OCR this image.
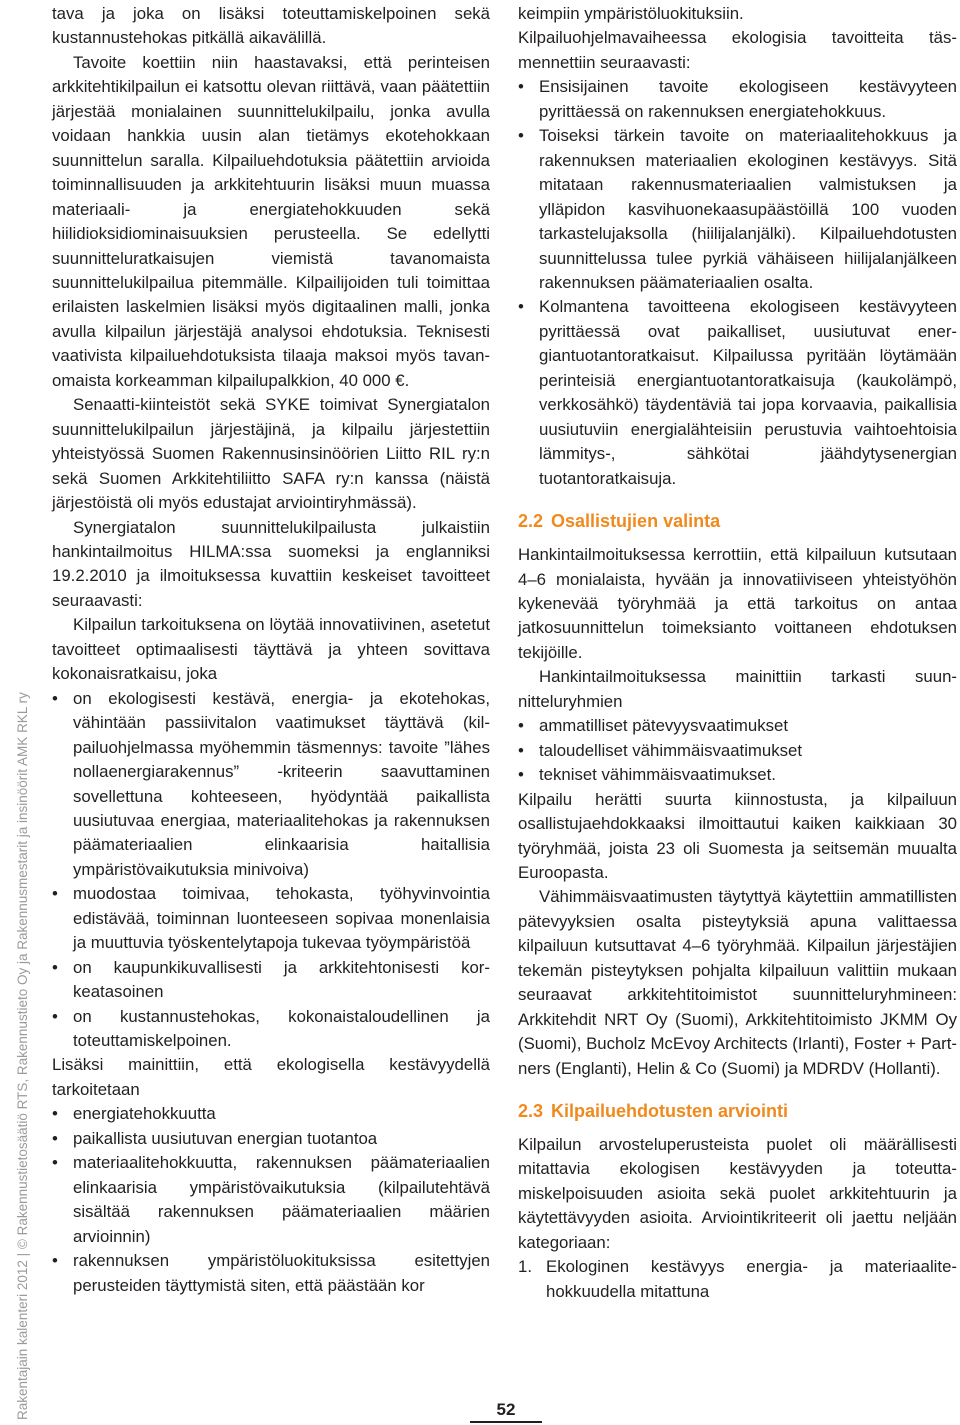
Rakentajain kalenteri 2012 | © Rakennustietosäätiö RTS, Rakennustieto Oy ja Rakennusmestarit ja insinöörit AMK RKL ry

tava ja joka on lisäksi toteuttamiskelpoinen sekä kustannustehokas pitkällä aikavälillä.

Tavoite koettiin niin haastavaksi, että perinteisen arkkitehtikilpailun ei katsottu olevan riittävä, vaan päätettiin järjestää monialainen suunnittelukilpailu, jonka avulla voidaan hankkia uusin alan tietämys ekotehokkaan suunnittelun saralla. Kilpailuehdotuksia päätettiin arvioida toiminnallisuuden ja arkkitehtuurin lisäksi muun muassa materiaali- ja energiatehokkuuden sekä hiilidioksidiominaisuuksien perusteella. Se edellytti suunnitteluratkaisujen viemistä tavanomaista suunnittelukilpailua pitemmälle. Kilpailijoiden tuli toimittaa erilaisten laskelmien lisäksi myös digitaalinen malli, jonka avulla kilpailun järjestäjä analysoi ehdotuksia. Teknisesti vaativista kilpailuehdotuksista tilaaja maksoi myös tavanomaista korkeamman kilpailupalkkion, 40 000 €.

Senaatti-kiinteistöt sekä SYKE toimivat Synergiatalon suunnittelukilpailun järjestäjinä, ja kilpailu järjestettiin yhteistyössä Suomen Rakennusinsinöörien Liitto RIL ry:n sekä Suomen Arkkitehtiliitto SAFA ry:n kanssa (näistä järjestöistä oli myös edustajat arviointiryhmässä).

Synergiatalon suunnittelukilpailusta julkaistiin hankintailmoitus HILMA:ssa suomeksi ja englanniksi 19.2.2010 ja ilmoituksessa kuvattiin keskeiset tavoitteet seuraavasti:

Kilpailun tarkoituksena on löytää innovatiivinen, asetetut tavoitteet optimaalisesti täyttävä ja yhteen sovittava kokonaisratkaisu, joka

• on ekologisesti kestävä, energia- ja ekotehokas, vähintään passiivitalon vaatimukset täyttävä (kilpailuohjelmassa myöhemmin täsmennys: tavoite ”lähes nollaenergiarakennus” -kriteerin saavuttaminen sovellettuna kohteeseen, hyödyntää paikallista uusiutuvaa energiaa, materiaalitehokas ja rakennuksen päämateriaalien elinkaarisia haitallisia ympäristövaikutuksia minivoiva)
• muodostaa toimivaa, tehokasta, työhyvinvointia edistävää, toiminnan luonteeseen sopivaa monenlaisia ja muuttuvia työskentelytapoja tukevaa työympäristöä
• on kaupunkikuvallisesti ja arkkitehtonisesti korkeatasoinen
• on kustannustehokas, kokonaistaloudellinen ja toteuttamiskelpoinen.

Lisäksi mainittiin, että ekologisella kestävyydellä tarkoitetaan

• energiatehokkuutta
• paikallista uusiutuvan energian tuotantoa
• materiaalitehokkuutta, rakennuksen päämateriaalien elinkaarisia ympäristövaikutuksia (kilpailutehtävä sisältää rakennuksen päämateriaalien määrien arvioinnin)
• rakennuksen ympäristöluokituksissa esitettyjen perusteiden täyttymistä siten, että päästään kor

keimpiin ympäristöluokituksiin.

Kilpailuohjelmavaiheessa ekologisia tavoitteita täsmennettiin seuraavasti:

• Ensisijainen tavoite ekologiseen kestävyyteen pyrittäessä on rakennuksen energiatehokkuus.
• Toiseksi tärkein tavoite on materiaalitehokkuus ja rakennuksen materiaalien ekologinen kestävyys. Sitä mitataan rakennusmateriaalien valmistuksen ja ylläpidon kasvihuonekaasupäästöillä 100 vuoden tarkastelujaksolla (hiilijalanjälki). Kilpailuehdotusten suunnittelussa tulee pyrkiä vähäiseen hiilijalanjälkeen rakennuksen päämateriaalien osalta.
• Kolmantena tavoitteena ekologiseen kestävyyteen pyrittäessä ovat paikalliset, uusiutuvat energiantuotantoratkaisut. Kilpailussa pyritään löytämään perinteisiä energiantuotantoratkaisuja (kaukolämpö, verkkosähkö) täydentäviä tai jopa korvaavia, paikallisia uusiutuviin energialähteisiin perustuvia vaihtoehtoisia lämmitys-, sähkötai jäähdytysenergian tuotantoratkaisuja.
2.2 Osallistujien valinta

Hankintailmoituksessa kerrottiin, että kilpailuun kutsutaan 4–6 monialaista, hyvään ja innovatiiviseen yhteistyöhön kykenevää työryhmää ja että tarkoitus on antaa jatkosuunnittelun toimeksianto voittaneen ehdotuksen tekijöille.

Hankintailmoituksessa mainittiin tarkasti suunnitteluryhmien

• ammatilliset pätevyysvaatimukset
• taloudelliset vähimmäisvaatimukset
• tekniset vähimmäisvaatimukset.

Kilpailu herätti suurta kiinnostusta, ja kilpailuun osallistujaehdokkaaksi ilmoittautui kaiken kaikkiaan 30 työryhmää, joista 23 oli Suomesta ja seitsemän muualta Euroopasta.

Vähimmäisvaatimusten täytyttyä käytettiin ammatillisten pätevyyksien osalta pisteytyksiä apuna valittaessa kilpailuun kutsuttavat 4–6 työryhmää. Kilpailun järjestäjien tekemän pisteytyksen pohjalta kilpailuun valittiin mukaan seuraavat arkkitehtitoimistot suunnitteluryhmineen: Arkkitehdit NRT Oy (Suomi), Arkkitehtitoimisto JKMM Oy (Suomi), Bucholz McEvoy Architects (Irlanti), Foster + Partners (Englanti), Helin & Co (Suomi) ja MDRDV (Hollanti).

2.3 Kilpailuehdotusten arviointi

Kilpailun arvosteluperusteista puolet oli määrällisesti mitattavia ekologisen kestävyyden ja toteuttamiskelpoisuuden asioita sekä puolet arkkitehtuurin ja käytettävyyden asioita. Arviointikriteerit oli jaettu neljään kategoriaan:

1. Ekologinen kestävyys energia- ja materiaalitehokkuudella mitattuna
52
